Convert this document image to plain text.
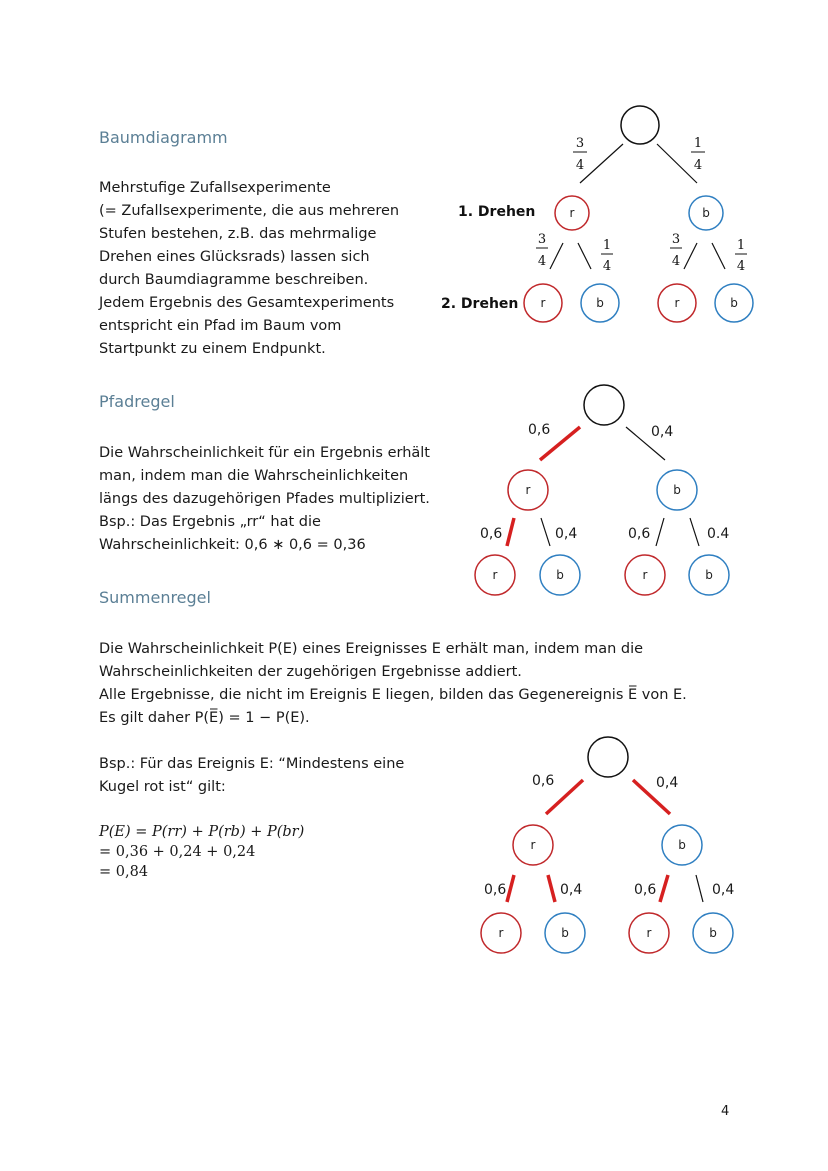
Baumdiagramm
Mehrstufige Zufallsexperimente
(= Zufallsexperimente, die aus mehreren
Stufen bestehen, z.B. das mehrmalige
Drehen eines Glücksrads) lassen sich
durch Baumdiagramme beschreiben.
Jedem Ergebnis des Gesamtexperiments
entspricht ein Pfad im Baum vom
Startpunkt zu einem Endpunkt.
3
4
1
4
1. Drehen
2. Drehen
r	b
3
4
1
4
3
4
1
4
r	b	r	b
Pfadregel
Die Wahrscheinlichkeit für ein Ergebnis erhält
man, indem man die Wahrscheinlichkeiten
längs des dazugehörigen Pfades multipliziert.
Bsp.: Das Ergebnis „rr“ hat die
Wahrscheinlichkeit: 0,6 ∗ 0,6 = 0,36
0,6	0,4
r	b
0,6	0,4	0,6	0.4
r	b	r	b
Summenregel
Die Wahrscheinlichkeit P(E) eines Ereignisses E erhält man, indem man die
Wahrscheinlichkeiten der zugehörigen Ergebnisse addiert.
Alle Ergebnisse, die nicht im Ereignis E liegen, bilden das Gegenereignis E̅ von E.
Es gilt daher P(E̅) = 1 − P(E).
Bsp.: Für das Ereignis E: “Mindestens eine
Kugel rot ist“ gilt:
P(E) = P(rr) + P(rb) + P(br)
= 0,36 + 0,24 + 0,24
= 0,84
0,6	0,4
r	b
0,6	0,4	0,6	0,4
r	b	r	b
4
